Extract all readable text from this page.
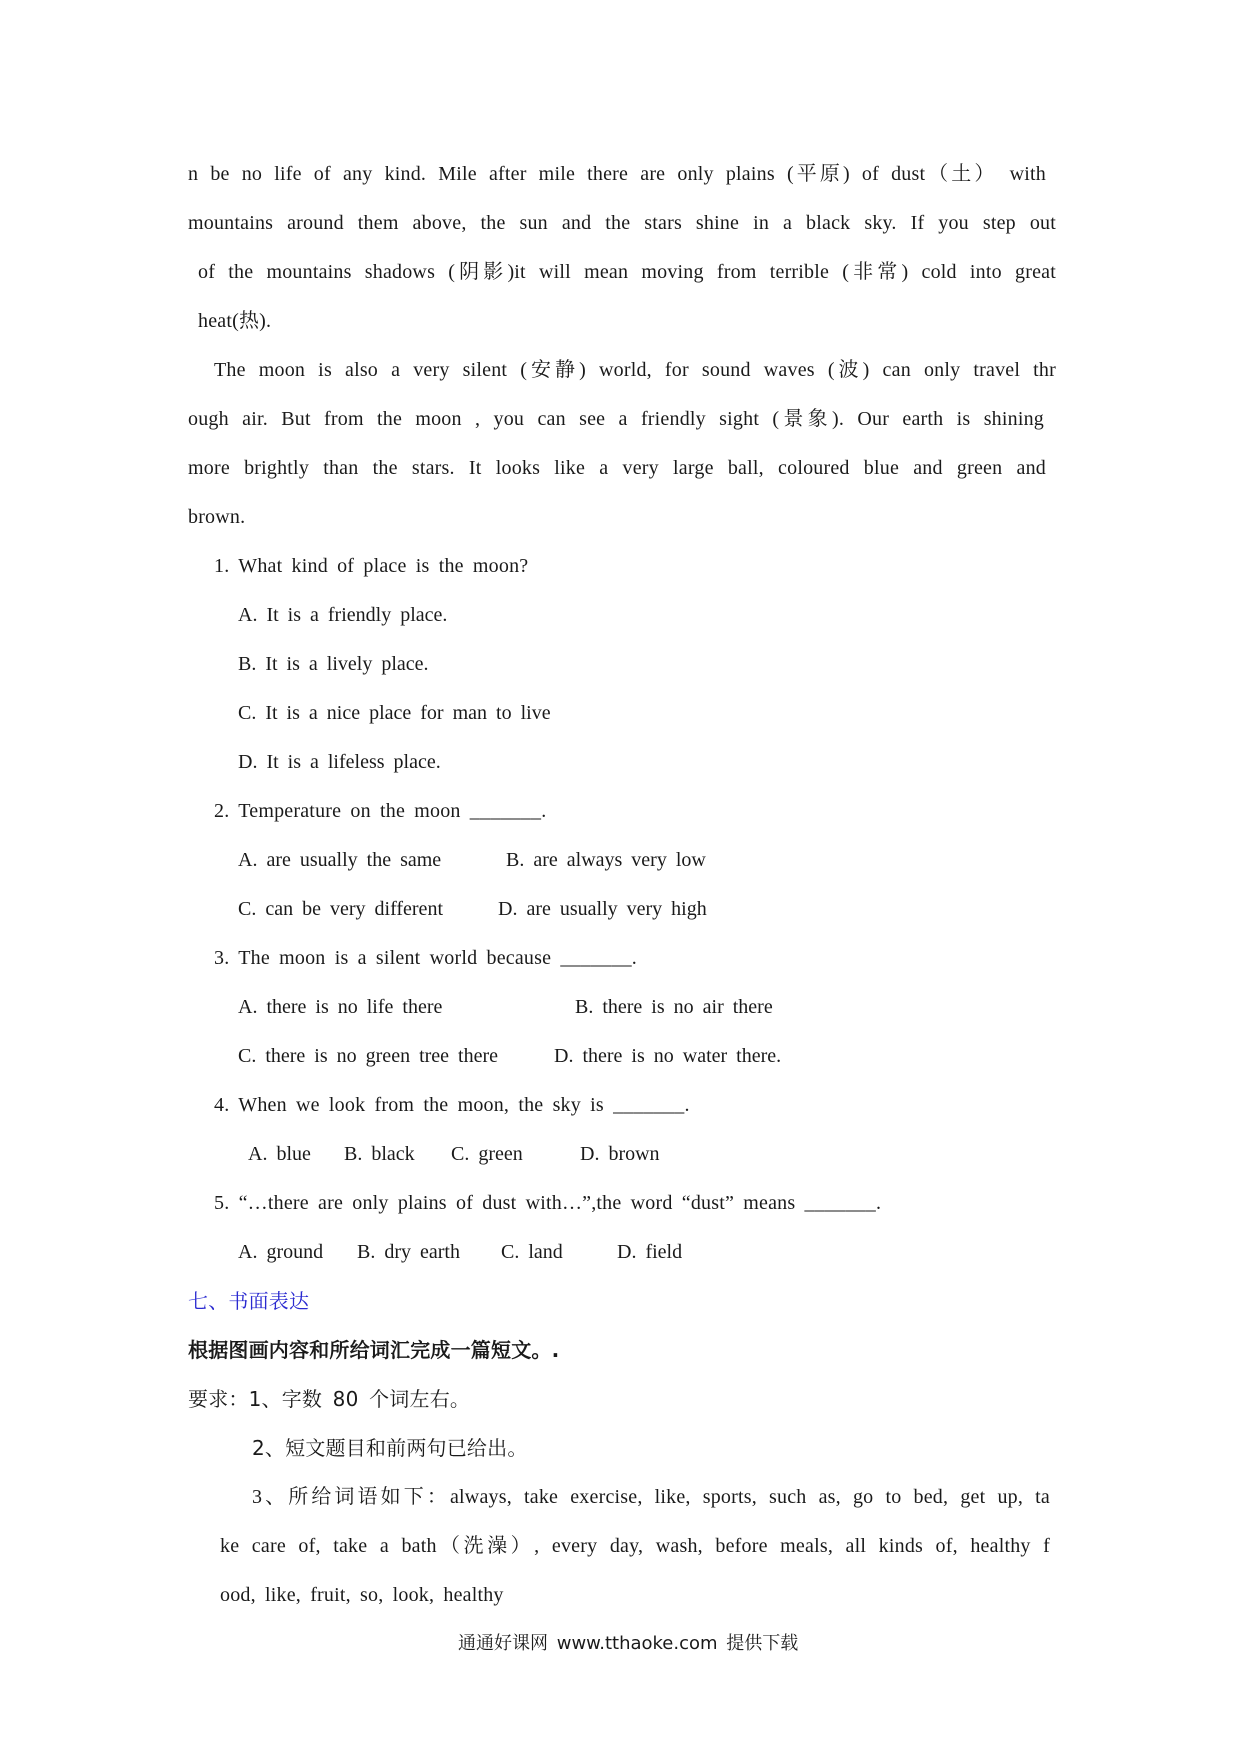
n be no life of any kind. Mile after mile there are only plains (平原) of dust（土） with
mountains around them above, the sun and the stars shine in a black sky. If you step out
of the mountains shadows (阴影)it will mean moving from terrible (非常) cold into great
heat(热).
The moon is also a very silent (安静) world, for sound waves (波) can only travel thr
ough air. But from the moon , you can see a friendly sight (景象). Our earth is shining
more brightly than the stars. It looks like a very large ball, coloured blue and green and
brown.
1. What kind of place is the moon?
A. It is a friendly place.
B. It is a lively place.
C. It is a nice place for man to live
D. It is a lifeless place.
2. Temperature on the moon _______.
A. are usually the same	B. are always very low
C. can be very different	D. are usually very high
3. The moon is a silent world because _______.
A. there is no life there	B. there is no air there
C. there is no green tree there	D. there is no water there.
4. When we look from the moon, the sky is _______.
A. blue B. black C. green	D. brown
5. “…there are only plains of dust with…”,the word “dust” means _______.
A. ground B. dry earth C. land	D. field
七、书面表达
根据图画内容和所给词汇完成一篇短文。.
要求：1、字数 80 个词左右。
2、短文题目和前两句已给出。
3、所给词语如下：always, take exercise, like, sports, such as, go to bed, get up, ta
ke care of, take a bath（洗澡）, every day, wash, before meals, all kinds of, healthy f
ood, like, fruit, so, look, healthy
通通好课网 www.tthaoke.com 提供下载
